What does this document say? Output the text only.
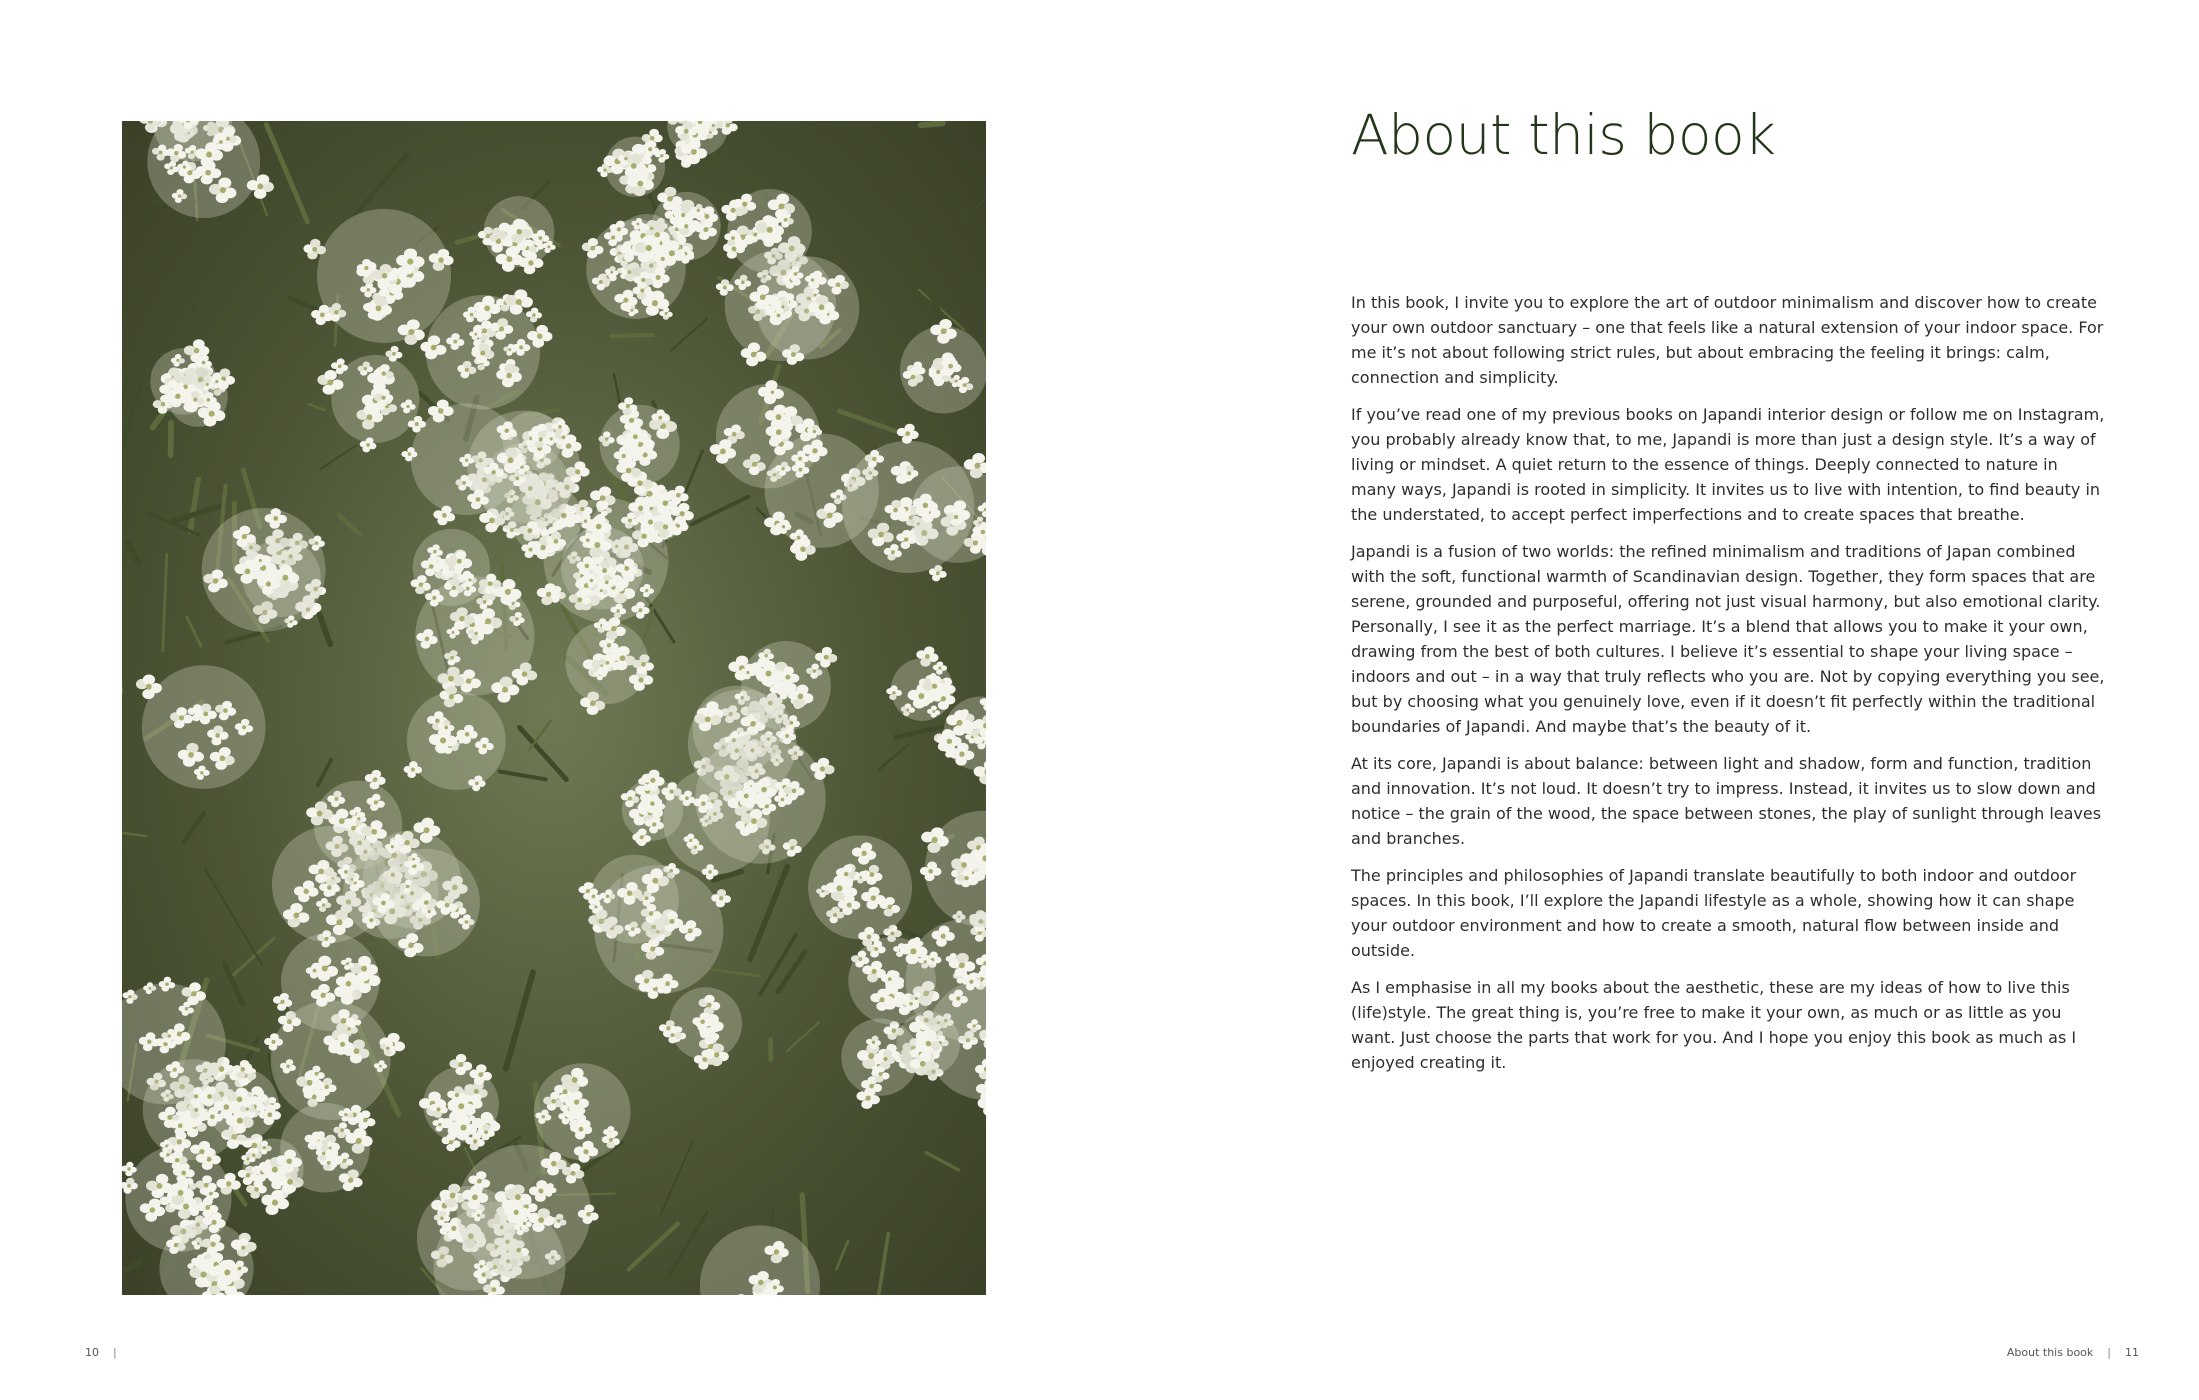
10 |
About this book

In this book, I invite you to explore the art of outdoor minimalism and discover how to create your own outdoor sanctuary – one that feels like a natural extension of your indoor space. For me it’s not about following strict rules, but about embracing the feeling it brings: calm, connection and simplicity.

If you’ve read one of my previous books on Japandi interior design or follow me on Instagram, you probably already know that, to me, Japandi is more than just a design style. It’s a way of living or mindset. A quiet return to the essence of things. Deeply connected to nature in many ways, Japandi is rooted in simplicity. It invites us to live with intention, to find beauty in the understated, to accept perfect imperfections and to create spaces that breathe.

Japandi is a fusion of two worlds: the refined minimalism and traditions of Japan combined with the soft, functional warmth of Scandinavian design. Together, they form spaces that are serene, grounded and purposeful, offering not just visual harmony, but also emotional clarity. Personally, I see it as the perfect marriage. It’s a blend that allows you to make it your own, drawing from the best of both cultures. I believe it’s essential to shape your living space – indoors and out – in a way that truly reflects who you are. Not by copying everything you see, but by choosing what you genuinely love, even if it doesn’t fit perfectly within the traditional boundaries of Japandi. And maybe that’s the beauty of it.

At its core, Japandi is about balance: between light and shadow, form and function, tradition and innovation. It’s not loud. It doesn’t try to impress. Instead, it invites us to slow down and notice – the grain of the wood, the space between stones, the play of sunlight through leaves and branches.

The principles and philosophies of Japandi translate beautifully to both indoor and outdoor spaces. In this book, I’ll explore the Japandi lifestyle as a whole, showing how it can shape your outdoor environment and how to create a smooth, natural flow between inside and outside.

As I emphasise in all my books about the aesthetic, these are my ideas of how to live this (life)style. The great thing is, you’re free to make it your own, as much or as little as you want. Just choose the parts that work for you. And I hope you enjoy this book as much as I enjoyed creating it.

About this book | 11
